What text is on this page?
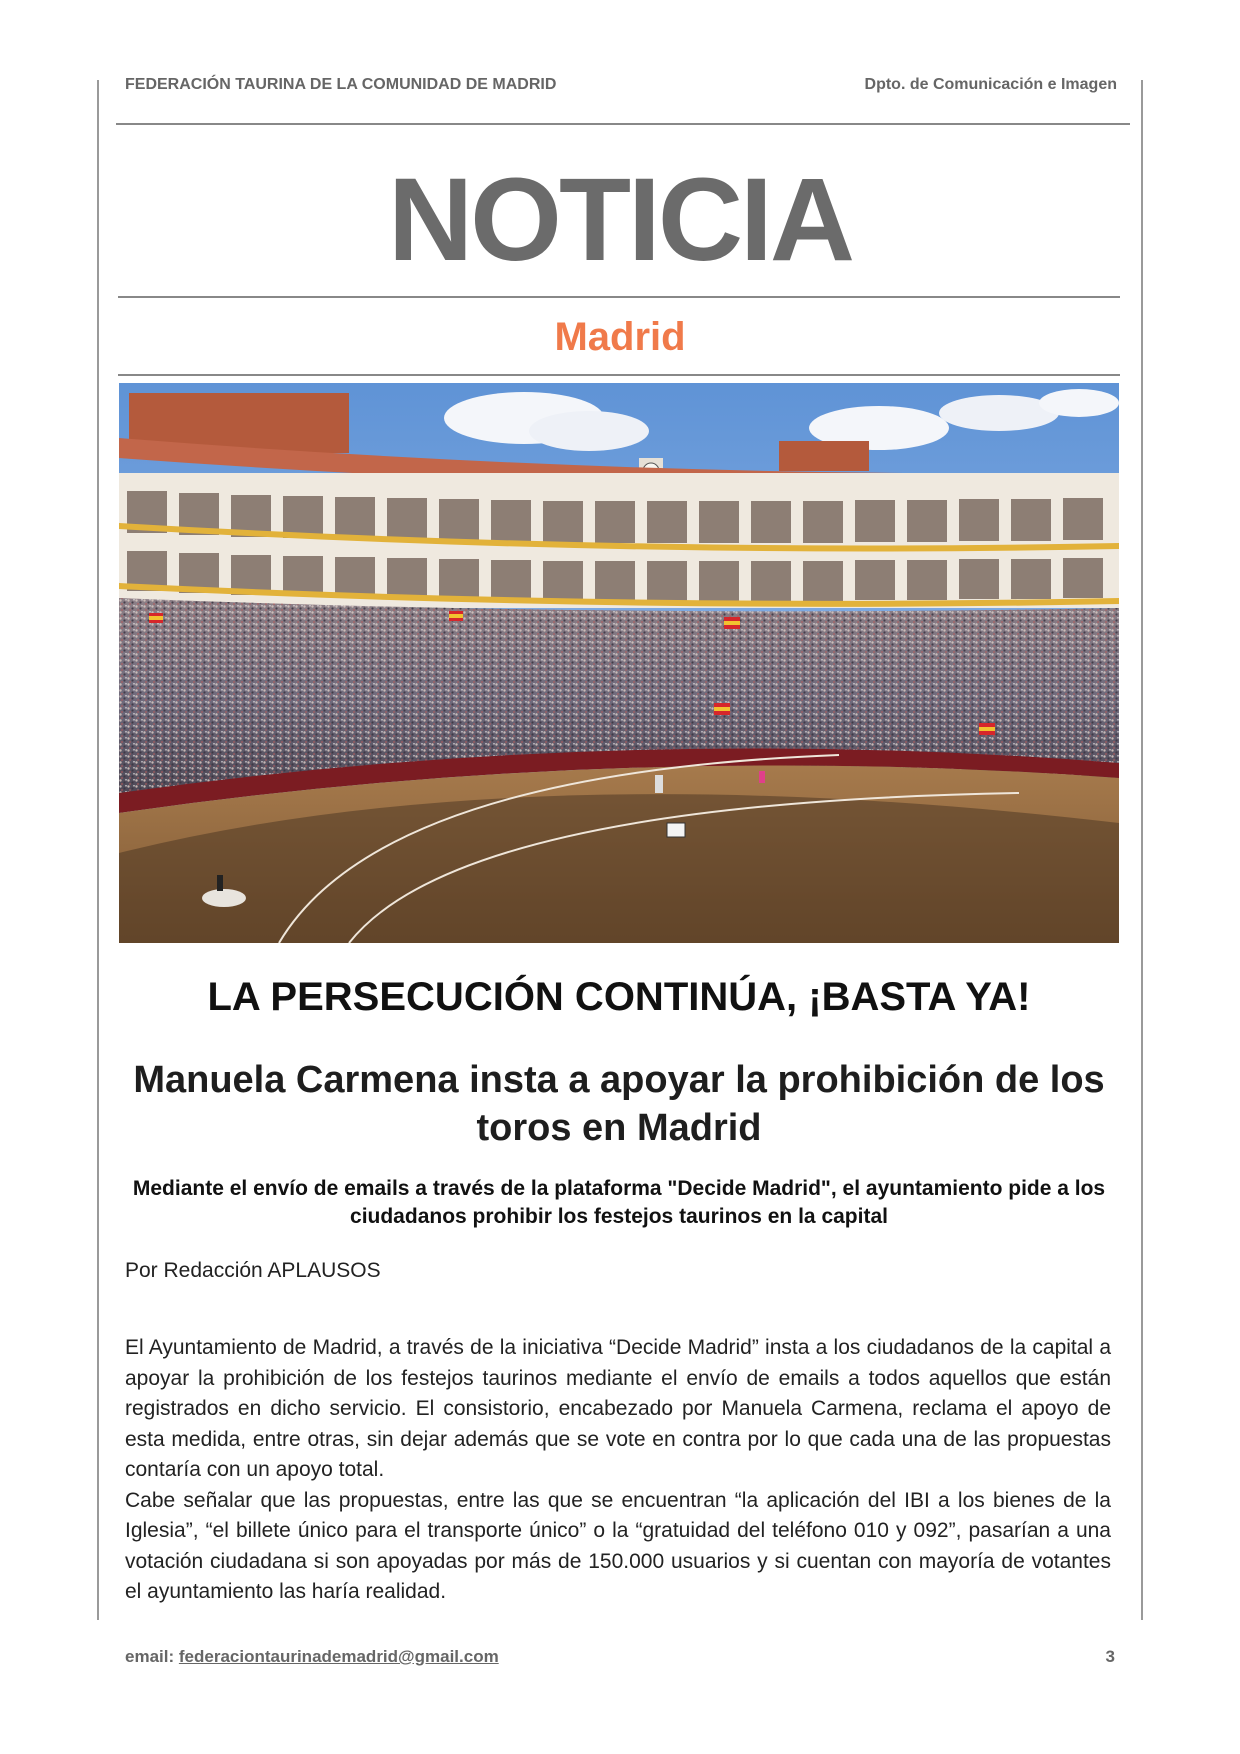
FEDERACIÓN TAURINA DE LA COMUNIDAD DE MADRID	Dpto. de Comunicación e Imagen
NOTICIA
Madrid
LA PERSECUCIÓN CONTINÚA, ¡BASTA YA!
Manuela Carmena insta a apoyar la prohibición de los toros en Madrid
Mediante el envío de emails a través de la plataforma "Decide Madrid", el ayuntamiento pide a los ciudadanos prohibir los festejos taurinos en la capital
Por Redacción APLAUSOS

El Ayuntamiento de Madrid, a través de la iniciativa “Decide Madrid” insta a los ciudadanos de la capital a apoyar la prohibición de los festejos taurinos mediante el envío de emails a todos aquellos que están registrados en dicho servicio. El consistorio, encabezado por Manuela Carmena, reclama el apoyo de esta medida, entre otras, sin dejar además que se vote en contra por lo que cada una de las propuestas contaría con un apoyo total.

Cabe señalar que las propuestas, entre las que se encuentran “la aplicación del IBI a los bienes de la Iglesia”, “el billete único para el transporte único” o la “gratuidad del teléfono 010 y 092”, pasarían a una votación ciudadana si son apoyadas por más de 150.000 usuarios y si cuentan con mayoría de votantes el ayuntamiento las haría realidad.

email: federaciontaurinademadrid@gmail.com	3
